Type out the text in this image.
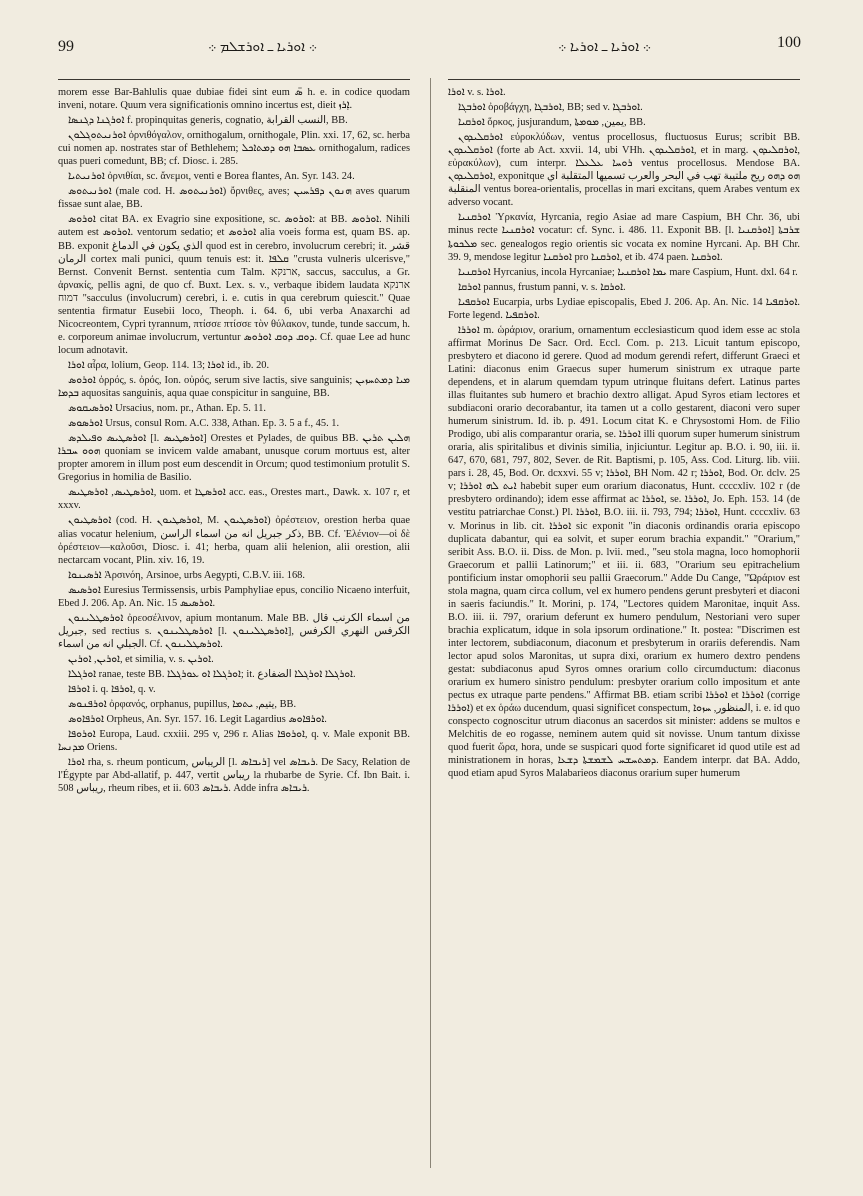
99	܀ ܐܘܪܝܐ ـ ܐܘܪܫܠܡ ܀	܀ ܐܘܪܝܐ ـ ܐܘܪܝܐ ܀	100

morem esse Bar-Bahlulis quae dubiae fidei sint eum ܣ̈ h. e. in codice quodam inveni, notare. Quum vera significationis omnino incertus est, dieit ܐ̣ܪܙ.

ܐܘܪܓܢܐ ܕܓܢܣܐ f. propinquitas generis, cognatio, النسب القرابة, BB.

ܐܘܪܢܝܬܘܓܠܘܢ ὀρνιθόγαλον, ornithogalum, ornithogale, Plin. xxi. 17, 62, sc. herba cui nomen ap. nostrates star of Bethlehem; ܥܣܒܐ ܗܘ ܕܡܬܐܟܠ ornithogalum, radices quas pueri comedunt, BB; cf. Diosc. i. 285.

ܐܘܪܢܝܬܝܐ ὀρνιθίαι, sc. ἄνεμοι, venti e Borea flantes, An. Syr. 143. 24.

ܐܘܪܢܝܬܘܣ (male cod. H. ܐܘܪܢܝܬܘܣ) ὄρνιθες, aves; ܗܢܘܢ ܕܦܪܚܝܢ aves quarum fissae sunt alae, BB.

ܐܘܪܘܣ citat BA. ex Evagrio sine expositione, sc. ܐܘܪܘܣ: at BB. ܐܘܪܘܣ. Nihili autem est ܐܘܪܘܣ. ventorum sedatio; et ܐܘܪܘܣ alia voeis forma est, quam BS. ap. BB. exponit الذي يكون في الدماغ quod est in cerebro, involucrum cerebri; it. قشر الرمان cortex mali punici, quum tenuis est: it. ܩܠܦܐ "crusta vulneris ulcerisve," Bernst. Convenit Bernst. sententia cum Talm. ארנקא, saccus, sacculus, a Gr. ἀρνακίς, pellis agni, de quo cf. Buxt. Lex. s. v., verbaque ibidem laudata ארנקא דמוח "sacculus (involucrum) cerebri, i. e. cutis in qua cerebrum quiescit." Quae sententia firmatur Eusebii loco, Theoph. i. 64. 6, ubi verba Anaxarchi ad Nicocreontem, Cypri tyrannum, πτίσσε πτίσσε τὸν θύλακον, tunde, tunde saccum, h. e. corporeum animae involucrum, vertuntur ܕܘܩ ܕܘܩ ܐܘܪܘܣ. Cf. quae Lee ad hunc locum adnotavit.

ܐܘܪܐ αἶρα, lolium, Geop. 114. 13; ܐܘܪܐ id., ib. 20.

ܐܘܪܘܣ ὀρρός, s. ὀρός, Ion. οὐρός, serum sive lactis, sive sanguinis; ܡܝܐ ܕܡܬܚܙܝܢ ܒܕܡܐ aquositas sanguinis, aqua quae conspicitur in sanguine, BB.

ܐܘܪܣܝܩܘܣ Ursacius, nom. pr., Athan. Ep. 5. 11.

ܐܘܪܣܘܣ Ursus, consul Rom. A.C. 338, Athan. Ep. 3. 5 a f., 45. 1.

ܐܘܪܣܛܝܣ ܘܦܝܠܕܣ [l. ܐܘܪܣܛܝܣ] Orestes et Pylades, de quibus BB. ܗܠܝܢ ܬܪܝܢ ܗܘܘ ܚܒܪܐ quoniam se invicem valde amabant, unusque corum mortuus est, alter propter amorem in illum post eum descendit in Orcum; quod testimonium protulit S. Gregorius in homilia de Basilio.

ܐܘܪܣܛܝܣ, ܐܘܪܣܛܝܣ, uom. et ܐܘܪܣܛܐ acc. eas., Orestes mart., Dawk. x. 107 r, et xxxv.

ܐܘܪܣܛܝܘܢ (cod. H. ܐܘܪܣܛܝܘܢ, M. ܐܘܪܣܛܝܘܢ) ὀρέστειον, orestion herba quae alias vocatur helenium, ذكر جبريل انه من اسماء الراسن, BB. Cf. Ἑλένιον—οἱ δὲ ὀρέστειον—καλοῦσι, Diosc. i. 41; herba, quam alii helenion, alii orestion, alii nectarcam vocant, Plin. xiv. 16, 19.

ܐܪܣܝܢܘܐ Ἀρσινόη, Arsinoe, urbs Aegypti, C.B.V. iii. 168.

ܐܘܪܣܝܣ Euresius Termissensis, urbis Pamphyliae epus, concilio Nicaeno interfuit, Ebed J. 206. Ap. An. Nic. 15 ܐܘܪܣܝܣ.

ܐܘܪܣܛܠܝܢܘܢ ὀρεοσέλινον, apium montanum. Male BB. من اسماء الكرنب قال جبريل, sed rectius s. ܐܘܪܣܛܠܝܢܘܢ [l. ܐܘܪܣܛܠܝܢܘܢ], الكرفس النهري الكرفس الجبلي انه من اسماء. Cf. ܐܘܪܣܛܠܝܢܘܢ.

ܐܘܪܝܢ, ܐܘܪܝܢ, et similia, v. s. ܐܘܪܝܢ.

ܐܘܪܓܠܐ ranae, teste BB. ܐܘܪܓܠܐ ܐܘ ܥܘܪܓܠܐ; it. ܐܘܪܓܠܐ ܐܘܪܓܠܐ الضفادع.

ܐܘܪܦܐ i. q. ܐܘܪܦܐ, q. v.

ܐܘܪܦܢܘܣ ὀρφανός, orphanus, pupillus, يتيم, ܝܬܡܐ, BB.

ܐܘܪܦܐܘܣ Orpheus, An. Syr. 157. 16. Legit Lagardius ܐܘܪܦܐܘܣ.

ܐܘܪܘܦܐ Europa, Laud. cxxiii. 295 v, 296 r. Alias ܐܘܪܘܦܐ, q. v. Male exponit BB. ܡܕܢܚܐ Oriens.

ܐܘܪܐ rha, s. rheum ponticum, الريباس [l. ܪܝܒܐܣ] vel ܪܝܒܐܣ. De Sacy, Relation de l'Égypte par Abd-allatif, p. 447, vertit ريباس la rhubarbe de Syrie. Cf. Ibn Bait. i. 508 ريباس, rheum ribes, et ii. 603 ܪܝܒܐܣ. Adde infra ܪܝܒܐܣ.

ܐܘܪܐ v. s. ܐܘܪܐ.

ܐܘܪܒܓܐ ὀροβάγχη, ܐܘܪܒܓܐ, BB; sed v. ܐܘܪܒܓܐ.

ܐܘܪܩܝܐ ὅρκος, jusjurandum, يمين, ܡܘܡܬܐ, BB.

ܐܘܪܩܠܝܕܘܢ εὐροκλύδων, ventus procellosus, fluctuosus Eurus; scribit BB. ܐܘܪܩܠܝܕܘܢ (forte ab Act. xxvii. 14, ubi VHh. ܐܘܪܩܠܝܕܘܢ, et in marg. ܐܘܪܩܠܝܕܘܢ, εὐρακύλων), cum interpr. ܪܘܚܐ ܥܠܥܠܐ ventus procellosus. Mendose BA. ܐܘܪܩܠܝܕܘܢ, exponitque ܗܘ ܕܗܘ ريح ملتيبة تهب في البحر والعرب تسميها المتقلبة اي المنقلبة ventus borea-orientalis, procellas in mari excitans, quem Arabes ventum ex adverso vocant.

ܐܘܪܩܢܝܐ Ὑρκανία, Hyrcania, regio Asiae ad mare Caspium, BH Chr. 36, ubi minus recte ܐܘܪܩܢܝܐ vocatur: cf. Sync. i. 486. 11. Exponit BB. [l. ܐܘܪܩܢܝܐ] ܫܪܒܬܐ ܡܠܟܘܬܐ sec. genealogos regio orientis sic vocata ex nomine Hyrcani. Ap. BH Chr. 39. 9, mendose legitur ܐܘܪܩܢܐ pro ܐܘܪܩܢܐ, et ib. 474 paen. ܐܘܪܩܢܐ.

ܐܘܪܩܢܝܐ Hyrcanius, incola Hyrcaniae; ܝܡܐ ܐܘܪܩܢܝܐ mare Caspium, Hunt. dxl. 64 r.

ܐܘܪܩܐ pannus, frustum panni, v. s. ܐܘܪܩܐ.

ܐܘܪܩܦܝܐ Eucarpia, urbs Lydiae episcopalis, Ebed J. 206. Ap. An. Nic. 14 ܐܘܪܩܦܝܐ. Forte legend. ܐܘܪܩܦܝܐ.

ܐܘܪܪܐ m. ὡράριον, orarium, ornamentum ecclesiasticum quod idem esse ac stola affirmat Morinus De Sacr. Ord. Eccl. Com. p. 213. Licuit tantum episcopo, presbytero et diacono id gerere. Quod ad modum gerendi refert, differunt Graeci et Latini: diaconus enim Graecus super humerum sinistrum ex utraque parte dependens, et in alarum quemdam typum utrinque fluitans defert. Latinus partes illas fluitantes sub humero et brachio dextro alligat. Apud Syros etiam lectores et subdiaconi orario decorabantur, ita tamen ut a collo gestarent, diaconi vero super humerum sinistrum. Id. ib. p. 491. Locum citat K. e Chrysostomi Hom. de Filio Prodigo, ubi alis comparantur oraria, se. ܐܘܪܪܐ illi quorum super humerum sinistrum oraria, alis spiritalibus et divinis similia, injiciuntur. Legitur ap. B.O. i. 90, iii. ii. 647, 670, 681, 797, 802, Sever. de Rit. Baptismi, p. 105, Ass. Cod. Liturg. lib. viii. pars i. 28, 45, Bod. Or. dcxxvi. 55 v; ܐܘܪܪܐ, BH Nom. 42 r; ܐܘܪܪܐ, Bod. Or. dclv. 25 v; ܐܝܬ ܠܗ ܐܘܪܪܐ habebit super eum orarium diaconatus, Hunt. ccccxliv. 102 r (de presbytero ordinando); idem esse affirmat ac ܐܘܪܪܐ, se. ܐܘܪܪܐ, Jo. Eph. 153. 14 (de vestitu patriarchae Const.) Pl. ܐܘܪܪܐ, B.O. iii. ii. 793, 794; ܐܘܪܪܐ, Hunt. ccccxliv. 63 v. Morinus in lib. cit. ܐܘܪܪܐ sic exponit "in diaconis ordinandis oraria episcopo duplicata dabantur, qui ea solvit, et super eorum brachia expandit." "Orarium," seribit Ass. B.O. ii. Diss. de Mon. p. lvii. med., "seu stola magna, loco homophorii Graecorum et pallii Latinorum;" et iii. ii. 683, "Orarium seu epitrachelium pontificium instar omophorii seu pallii Graecorum." Adde Du Cange, "Ὠράριον est stola magna, quam circa collum, vel ex humero pendens gerunt presbyteri et diaconi in saeris faciundis." It. Morini, p. 174, "Lectores quidem Maronitae, inquit Ass. B.O. iii. ii. 797, orarium deferunt ex humero pendulum, Nestoriani vero super brachia explicatum, idque in sola ipsorum ordinatione." It. postea: "Discrimen est inter lectorem, subdiaconum, diaconum et presbyterum in orariis deferendis. Nam lector apud solos Maronitas, ut supra dixi, orarium ex humero dextro pendens gestat: subdiaconus apud Syros omnes orarium collo circumductum: diaconus orarium ex humero sinistro pendulum: presbyter orarium collo impositum et ante pectus ex utraque parte pendens." Affirmat BB. etiam scribi ܐܘܪܪܐ et ܐܘܪܪܐ (corrige ܐܘܪܪܐ) et ex ὁράω ducendum, quasi significet conspectum, المنظور, ܚܙܘܐ, i. e. id quo conspecto cognoscitur utrum diaconus an sacerdos sit minister: addens se multos e Melchitis de eo rogasse, neminem autem quid sit novisse. Unum tantum dixisse quod fuerit ὥρα, hora, unde se suspicari quod forte significaret id quod utile est ad ministrationem in horas, ܕܡܬܚܫܚ ܠܫܡܫܬܐ ܕܫܥܐ. Eandem interpr. dat BA. Addo, quod etiam apud Syros Malabarieos diaconus orarium super humerum
